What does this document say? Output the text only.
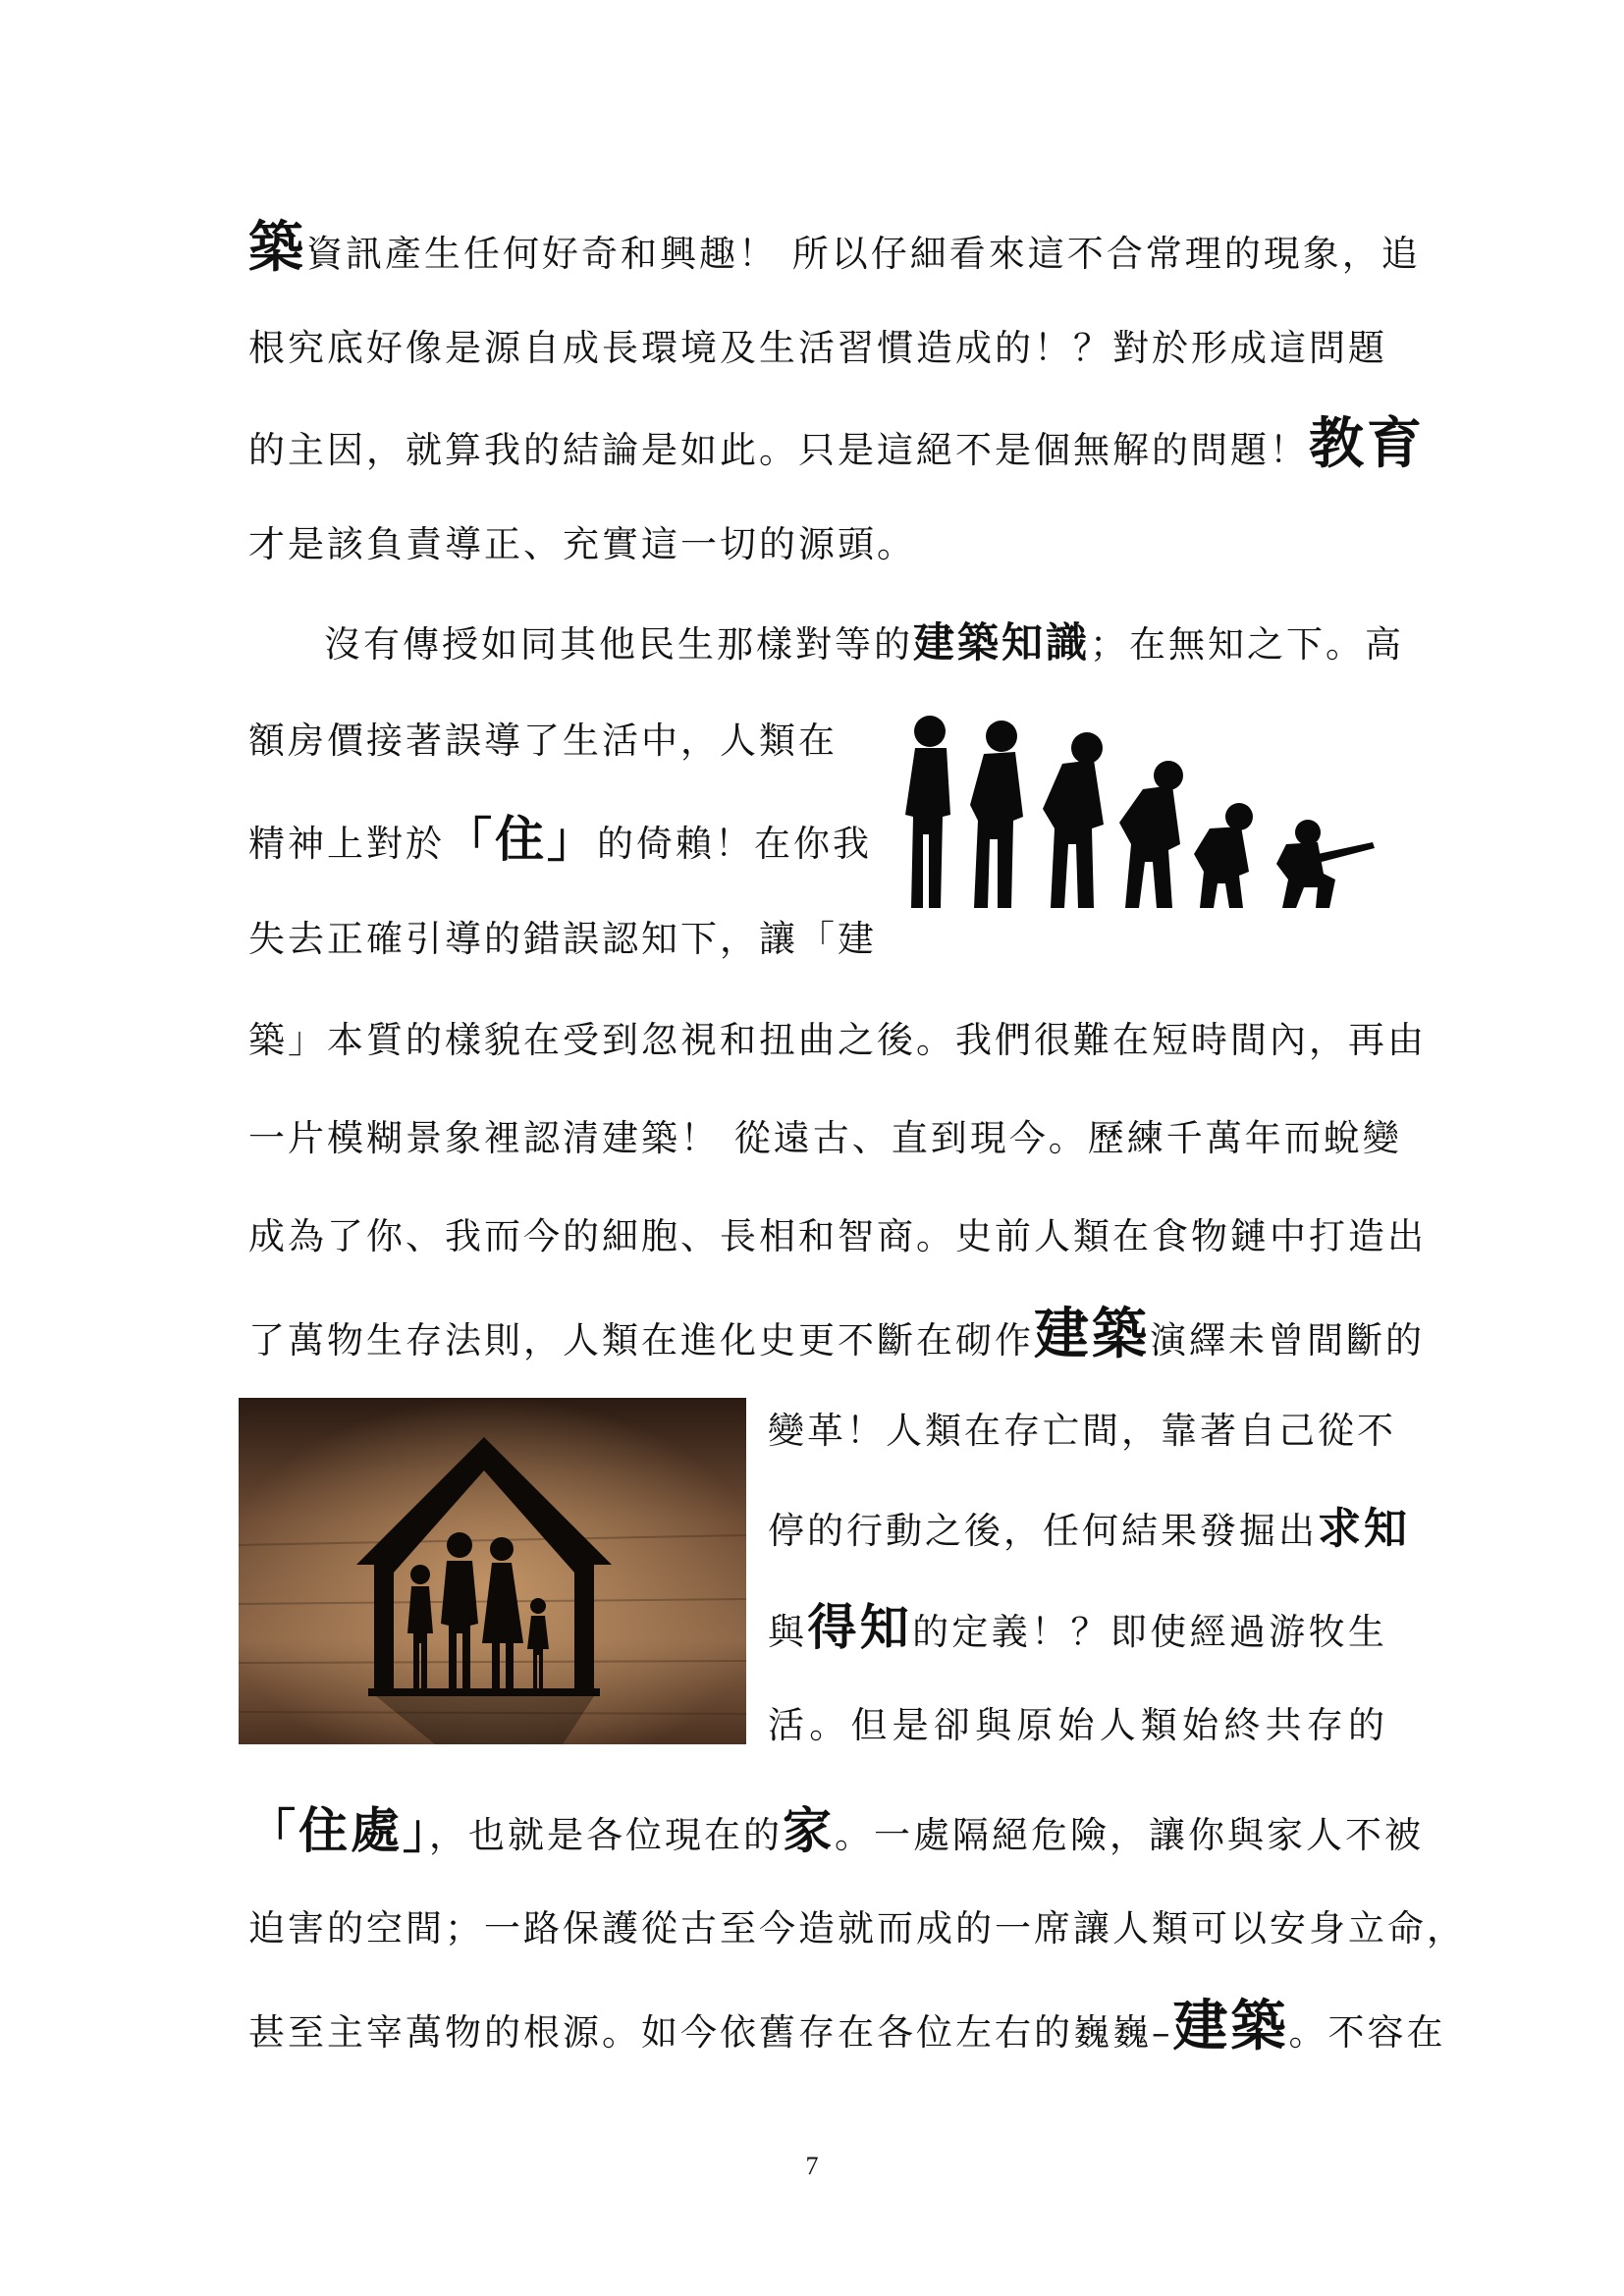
築資訊產生任何好奇和興趣！ 所以仔細看來這不合常理的現象，追
根究底好像是源自成長環境及生活習慣造成的！？對於形成這問題
的主因，就算我的結論是如此。只是這絕不是個無解的問題！教育
才是該負責導正、充實這一切的源頭。
沒有傳授如同其他民生那樣對等的建築知識；在無知之下。高
額房價接著誤導了生活中，人類在
精神上對於「住」的倚賴！在你我
失去正確引導的錯誤認知下，讓「建
築」本質的樣貌在受到忽視和扭曲之後。我們很難在短時間內，再由
一片模糊景象裡認清建築！ 從遠古、直到現今。歷練千萬年而蛻變
成為了你、我而今的細胞、長相和智商。史前人類在食物鏈中打造出
了萬物生存法則，人類在進化史更不斷在砌作建築演繹未曾間斷的
變革！人類在存亡間，靠著自己從不
停的行動之後，任何結果發掘出求知
與得知的定義！？即使經過游牧生
活。但是卻與原始人類始終共存的
「住處」，也就是各位現在的家。一處隔絕危險，讓你與家人不被
迫害的空間；一路保護從古至今造就而成的一席讓人類可以安身立命，
甚至主宰萬物的根源。如今依舊存在各位左右的巍巍–建築。不容在
7
